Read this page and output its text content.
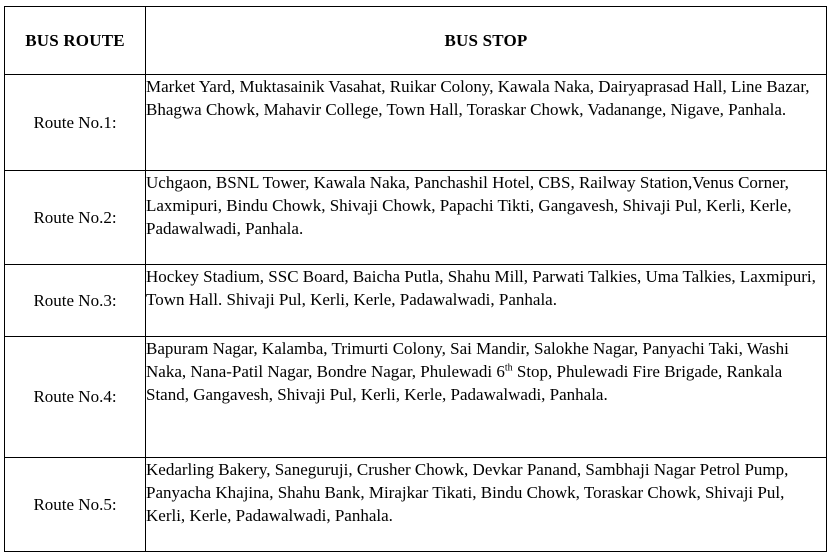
BUS ROUTE	BUS STOP
Route No.1:	Market Yard, Muktasainik Vasahat, Ruikar Colony, Kawala Naka, Dairyaprasad Hall, Line Bazar, Bhagwa Chowk, Mahavir College, Town Hall, Toraskar Chowk, Vadanange, Nigave, Panhala.
Route No.2:	Uchgaon, BSNL Tower, Kawala Naka, Panchashil Hotel, CBS, Railway Station,Venus Corner, Laxmipuri, Bindu Chowk, Shivaji Chowk, Papachi Tikti, Gangavesh, Shivaji Pul, Kerli, Kerle, Padawalwadi, Panhala.
Route No.3:	Hockey Stadium, SSC Board, Baicha Putla, Shahu Mill, Parwati Talkies, Uma Talkies, Laxmipuri, Town Hall. Shivaji Pul, Kerli, Kerle, Padawalwadi, Panhala.
Route No.4:	Bapuram Nagar, Kalamba, Trimurti Colony, Sai Mandir, Salokhe Nagar, Panyachi Taki, Washi Naka, Nana-Patil Nagar, Bondre Nagar, Phulewadi 6th Stop, Phulewadi Fire Brigade, Rankala Stand, Gangavesh, Shivaji Pul, Kerli, Kerle, Padawalwadi, Panhala.
Route No.5:	Kedarling Bakery, Saneguruji, Crusher Chowk, Devkar Panand, Sambhaji Nagar Petrol Pump, Panyacha Khajina, Shahu Bank, Mirajkar Tikati, Bindu Chowk, Toraskar Chowk, Shivaji Pul, Kerli, Kerle, Padawalwadi, Panhala.
